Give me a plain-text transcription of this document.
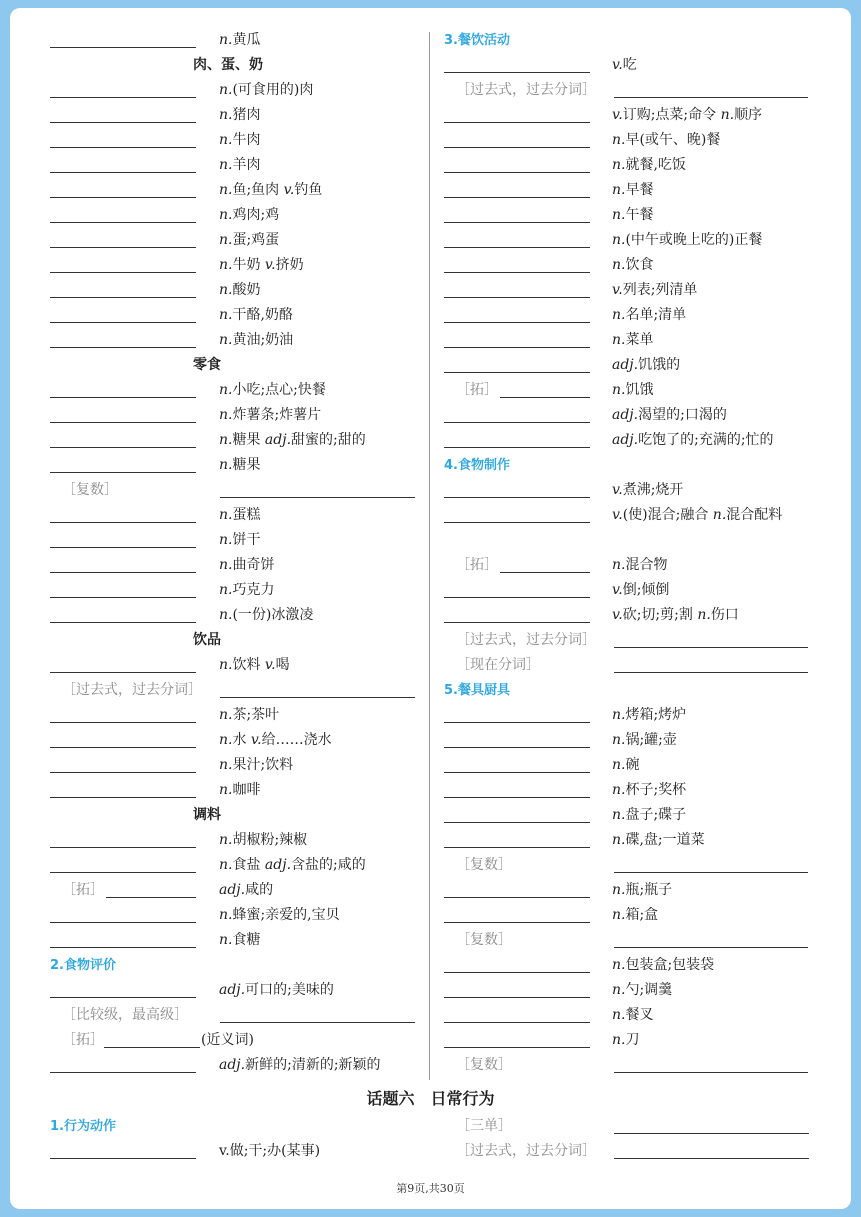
n.黄瓜
肉、蛋、奶
n.(可食用的)肉
n.猪肉
n.牛肉
n.羊肉
n.鱼;鱼肉 v.钓鱼
n.鸡肉;鸡
n.蛋;鸡蛋
n.牛奶 v.挤奶
n.酸奶
n.干酪,奶酪
n.黄油;奶油
零食
n.小吃;点心;快餐
n.炸薯条;炸薯片
n.糖果 adj.甜蜜的;甜的
n.糖果
［复数］
n.蛋糕
n.饼干
n.曲奇饼
n.巧克力
n.(一份)冰激凌
饮品
n.饮料 v.喝
［过去式，过去分词］
n.茶;茶叶
n.水 v.给……浇水
n.果汁;饮料
n.咖啡
调料
n.胡椒粉;辣椒
n.食盐 adj.含盐的;咸的
［拓］	adj.咸的
n.蜂蜜;亲爱的,宝贝
n.食糖
2.食物评价
adj.可口的;美味的
［比较级，最高级］
［拓］	(近义词)
adj.新鲜的;清新的;新颖的
3.餐饮活动
v.吃
［过去式，过去分词］
v.订购;点菜;命令 n.顺序
n.早(或午、晚)餐
n.就餐,吃饭
n.早餐
n.午餐
n.(中午或晚上吃的)正餐
n.饮食
v.列表;列清单
n.名单;清单
n.菜单
adj.饥饿的
［拓］	n.饥饿
adj.渴望的;口渴的
adj.吃饱了的;充满的;忙的
4.食物制作
v.煮沸;烧开
v.(使)混合;融合 n.混合配料
［拓］	n.混合物
v.倒;倾倒
v.砍;切;剪;割 n.伤口
［过去式，过去分词］
［现在分词］
5.餐具厨具
n.烤箱;烤炉
n.锅;罐;壶
n.碗
n.杯子;奖杯
n.盘子;碟子
n.碟,盘;一道菜
［复数］
n.瓶;瓶子
n.箱;盒
［复数］
n.包装盒;包装袋
n.勺;调羹
n.餐叉
n.刀
［复数］
话题六　日常行为
1.行为动作
v.做;干;办(某事)
［三单］
［过去式，过去分词］
第9页,共30页
